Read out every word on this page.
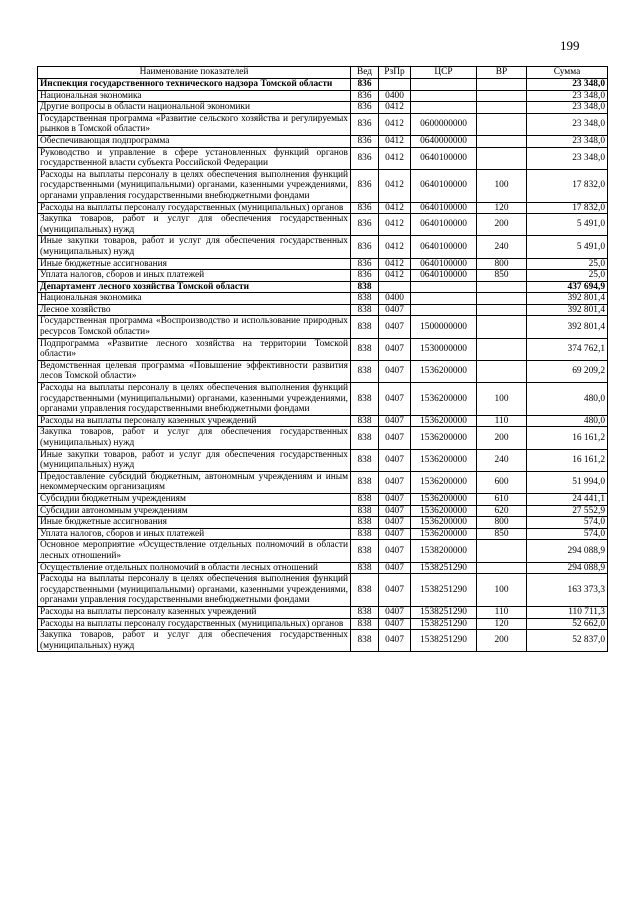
199
Наименование показателей	Вед	РзПр	ЦСР	ВР	Сумма
Инспекция государственного технического надзора Томской области	836				23 348,0
Национальная экономика	836	0400			23 348,0
Другие вопросы в области национальной экономики	836	0412			23 348,0
Государственная программа «Развитие сельского хозяйства и регулируемых рынков в Томской области»	836	0412	0600000000		23 348,0
Обеспечивающая подпрограмма	836	0412	0640000000		23 348,0
Руководство и управление в сфере установленных функций органов государственной власти субъекта Российской Федерации	836	0412	0640100000		23 348,0
Расходы на выплаты персоналу в целях обеспечения выполнения функций государственными (муниципальными) органами, казенными учреждениями, органами управления государственными внебюджетными фондами	836	0412	0640100000	100	17 832,0
Расходы на выплаты персоналу государственных (муниципальных) органов	836	0412	0640100000	120	17 832,0
Закупка товаров, работ и услуг для обеспечения государственных (муниципальных) нужд	836	0412	0640100000	200	5 491,0
Иные закупки товаров, работ и услуг для обеспечения государственных (муниципальных) нужд	836	0412	0640100000	240	5 491,0
Иные бюджетные ассигнования	836	0412	0640100000	800	25,0
Уплата налогов, сборов и иных платежей	836	0412	0640100000	850	25,0
Департамент лесного хозяйства Томской области	838				437 694,9
Национальная экономика	838	0400			392 801,4
Лесное хозяйство	838	0407			392 801,4
Государственная программа «Воспроизводство и использование природных ресурсов Томской области»	838	0407	1500000000		392 801,4
Подпрограмма «Развитие лесного хозяйства на территории Томской области»	838	0407	1530000000		374 762,1
Ведомственная целевая программа «Повышение эффективности развития лесов Томской области»	838	0407	1536200000		69 209,2
Расходы на выплаты персоналу в целях обеспечения выполнения функций государственными (муниципальными) органами, казенными учреждениями, органами управления государственными внебюджетными фондами	838	0407	1536200000	100	480,0
Расходы на выплаты персоналу казенных учреждений	838	0407	1536200000	110	480,0
Закупка товаров, работ и услуг для обеспечения государственных (муниципальных) нужд	838	0407	1536200000	200	16 161,2
Иные закупки товаров, работ и услуг для обеспечения государственных (муниципальных) нужд	838	0407	1536200000	240	16 161,2
Предоставление субсидий бюджетным, автономным учреждениям и иным некоммерческим организациям	838	0407	1536200000	600	51 994,0
Субсидии бюджетным учреждениям	838	0407	1536200000	610	24 441,1
Субсидии автономным учреждениям	838	0407	1536200000	620	27 552,9
Иные бюджетные ассигнования	838	0407	1536200000	800	574,0
Уплата налогов, сборов и иных платежей	838	0407	1536200000	850	574,0
Основное мероприятие «Осуществление отдельных полномочий в области лесных отношений»	838	0407	1538200000		294 088,9
Осуществление отдельных полномочий в области лесных отношений	838	0407	1538251290		294 088,9
Расходы на выплаты персоналу в целях обеспечения выполнения функций государственными (муниципальными) органами, казенными учреждениями, органами управления государственными внебюджетными фондами	838	0407	1538251290	100	163 373,3
Расходы на выплаты персоналу казенных учреждений	838	0407	1538251290	110	110 711,3
Расходы на выплаты персоналу государственных (муниципальных) органов	838	0407	1538251290	120	52 662,0
Закупка товаров, работ и услуг для обеспечения государственных (муниципальных) нужд	838	0407	1538251290	200	52 837,0
